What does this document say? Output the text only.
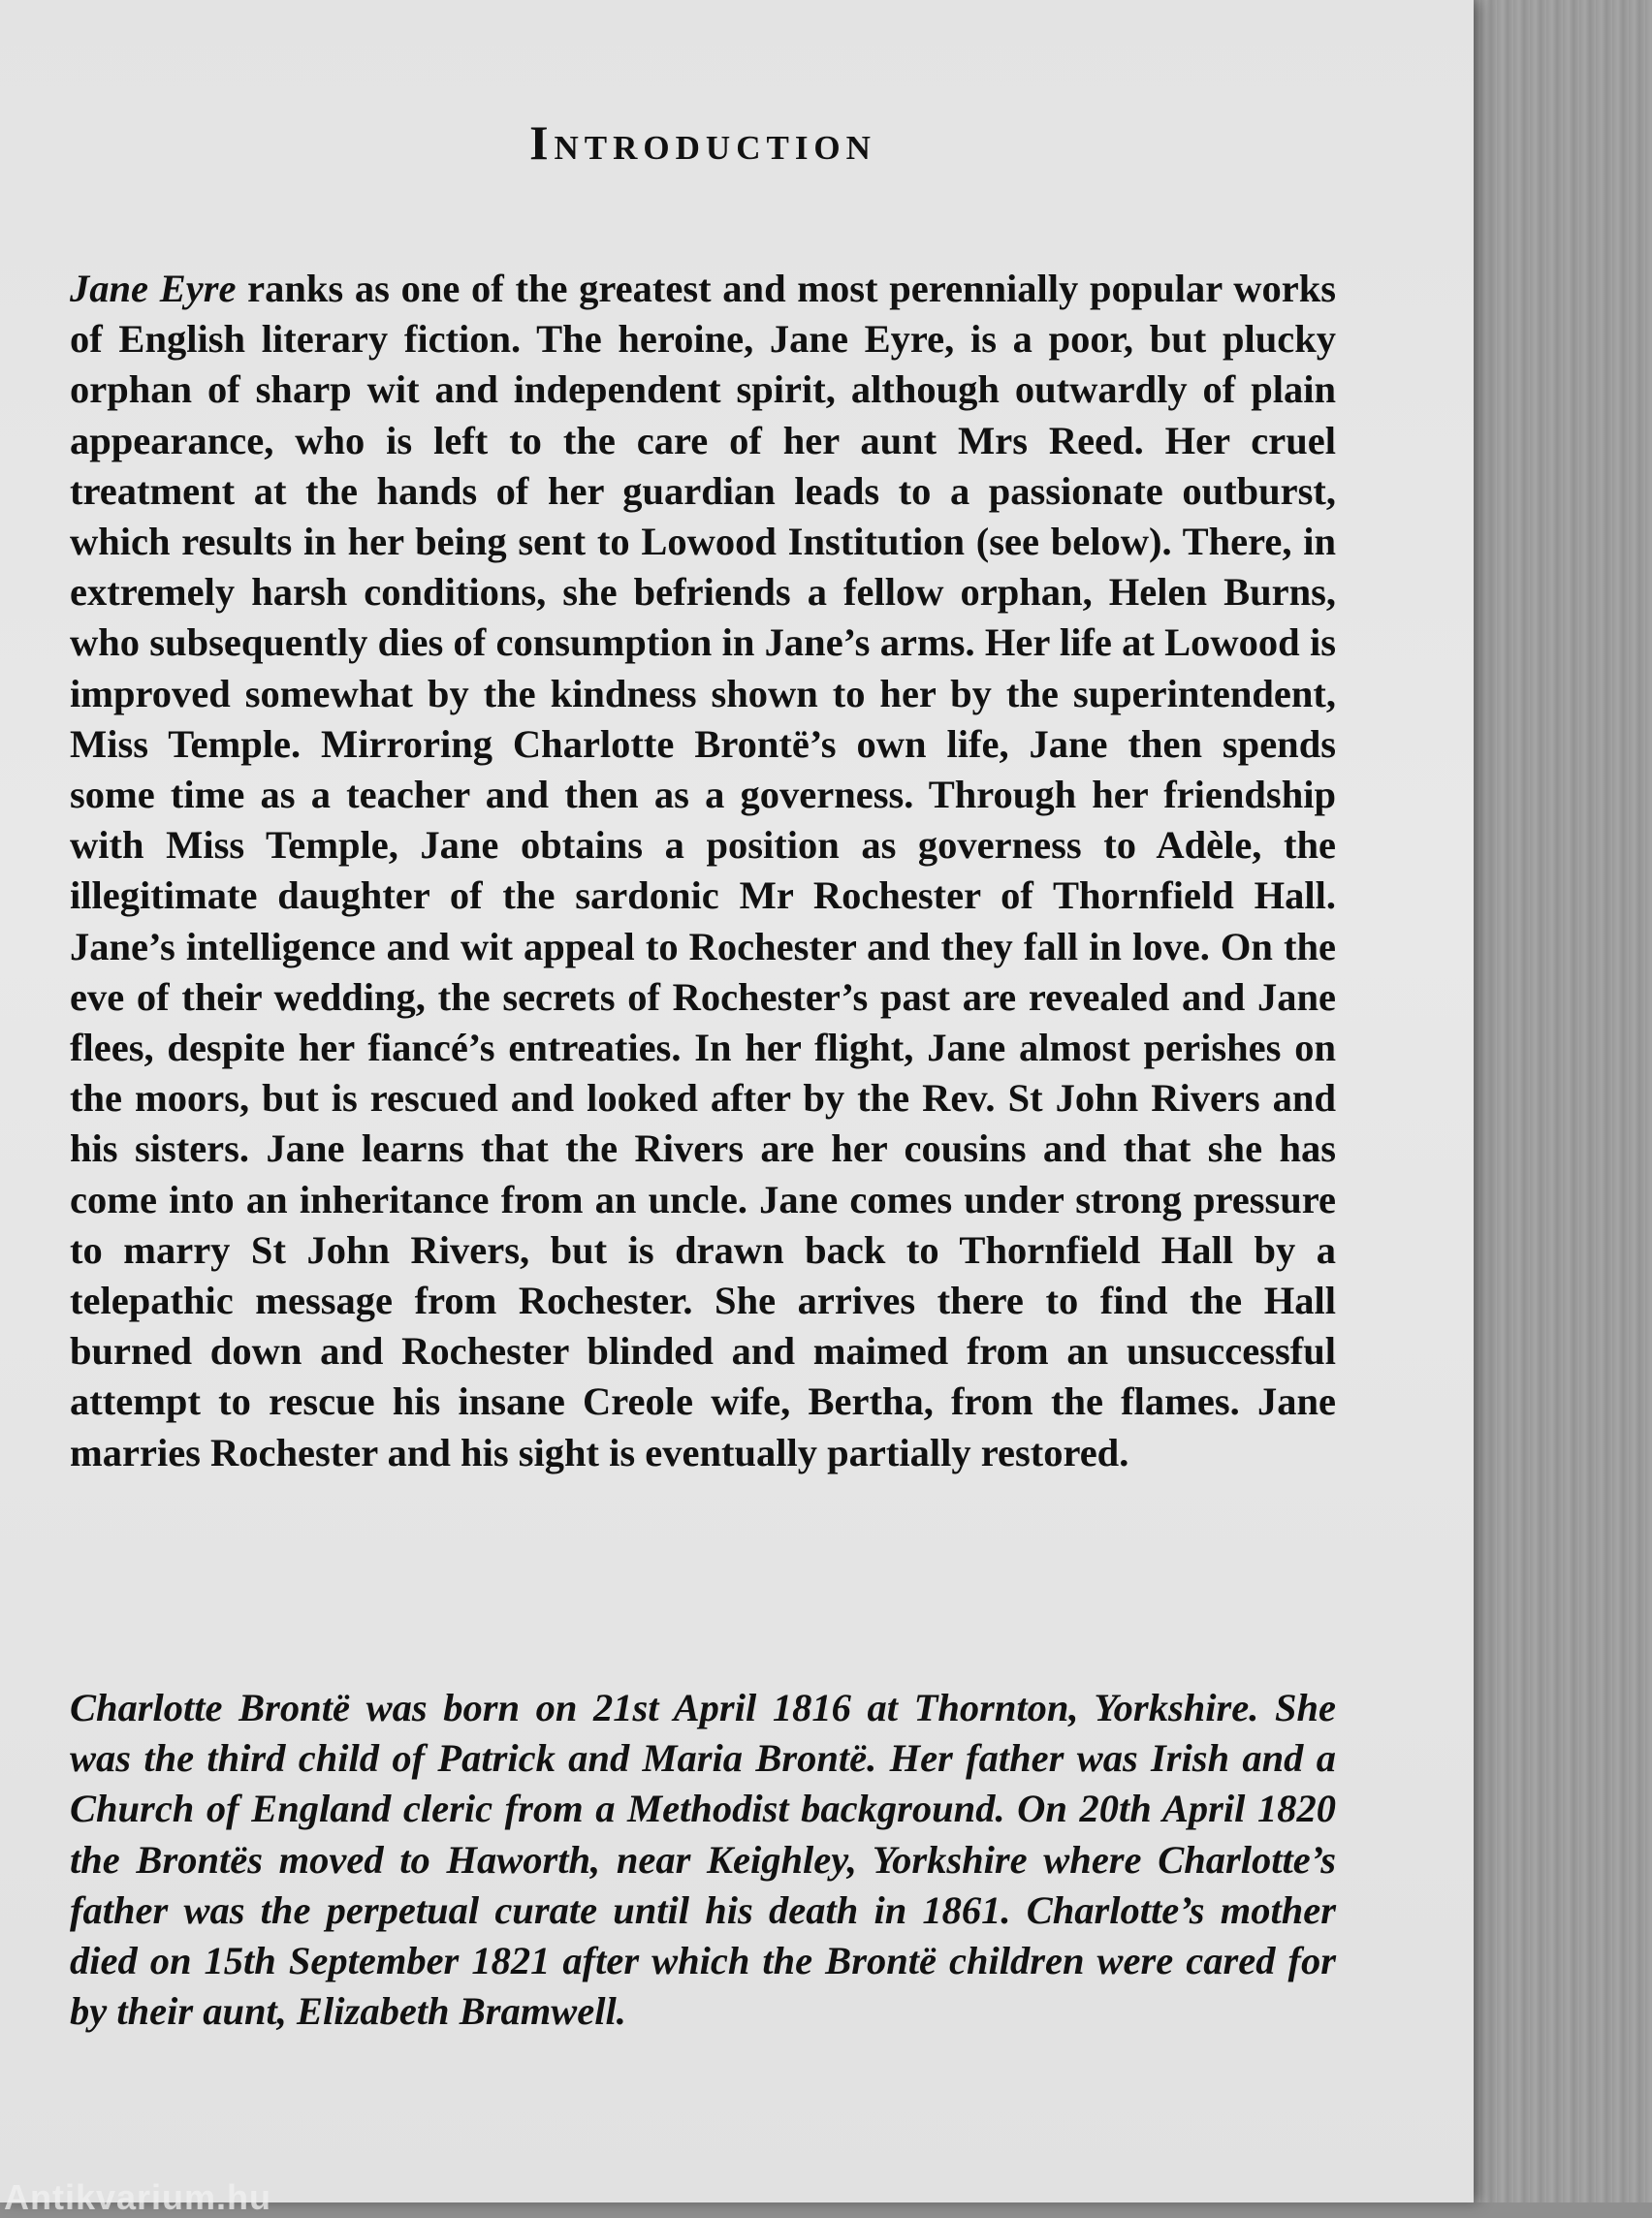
Introduction

Jane Eyre ranks as one of the greatest and most perennially popular works of English literary fiction. The heroine, Jane Eyre, is a poor, but plucky orphan of sharp wit and independent spirit, although outwardly of plain appearance, who is left to the care of her aunt Mrs Reed. Her cruel treatment at the hands of her guardian leads to a passionate outburst, which results in her being sent to Lowood Institution (see below). There, in extremely harsh conditions, she befriends a fellow orphan, Helen Burns, who subsequently dies of consumption in Jane’s arms. Her life at Lowood is improved somewhat by the kindness shown to her by the superintendent, Miss Temple. Mirroring Charlotte Brontë’s own life, Jane then spends some time as a teacher and then as a governess. Through her friendship with Miss Temple, Jane obtains a position as governess to Adèle, the illegitimate daughter of the sardonic Mr Rochester of Thornfield Hall. Jane’s intelligence and wit appeal to Rochester and they fall in love. On the eve of their wedding, the secrets of Rochester’s past are revealed and Jane flees, despite her fiancé’s entreaties. In her flight, Jane almost perishes on the moors, but is rescued and looked after by the Rev. St John Rivers and his sisters. Jane learns that the Rivers are her cousins and that she has come into an inheritance from an uncle. Jane comes under strong pressure to marry St John Rivers, but is drawn back to Thornfield Hall by a telepathic message from Rochester. She arrives there to find the Hall burned down and Rochester blinded and maimed from an unsuccessful attempt to rescue his insane Creole wife, Bertha, from the flames. Jane marries Rochester and his sight is eventually partially restored.

Charlotte Brontë was born on 21st April 1816 at Thornton, Yorkshire. She was the third child of Patrick and Maria Brontë. Her father was Irish and a Church of England cleric from a Methodist background. On 20th April 1820 the Brontës moved to Haworth, near Keighley, Yorkshire where Charlotte’s father was the perpetual curate until his death in 1861. Charlotte’s mother died on 15th September 1821 after which the Brontë children were cared for by their aunt, Elizabeth Bramwell.

Antikvarium.hu
